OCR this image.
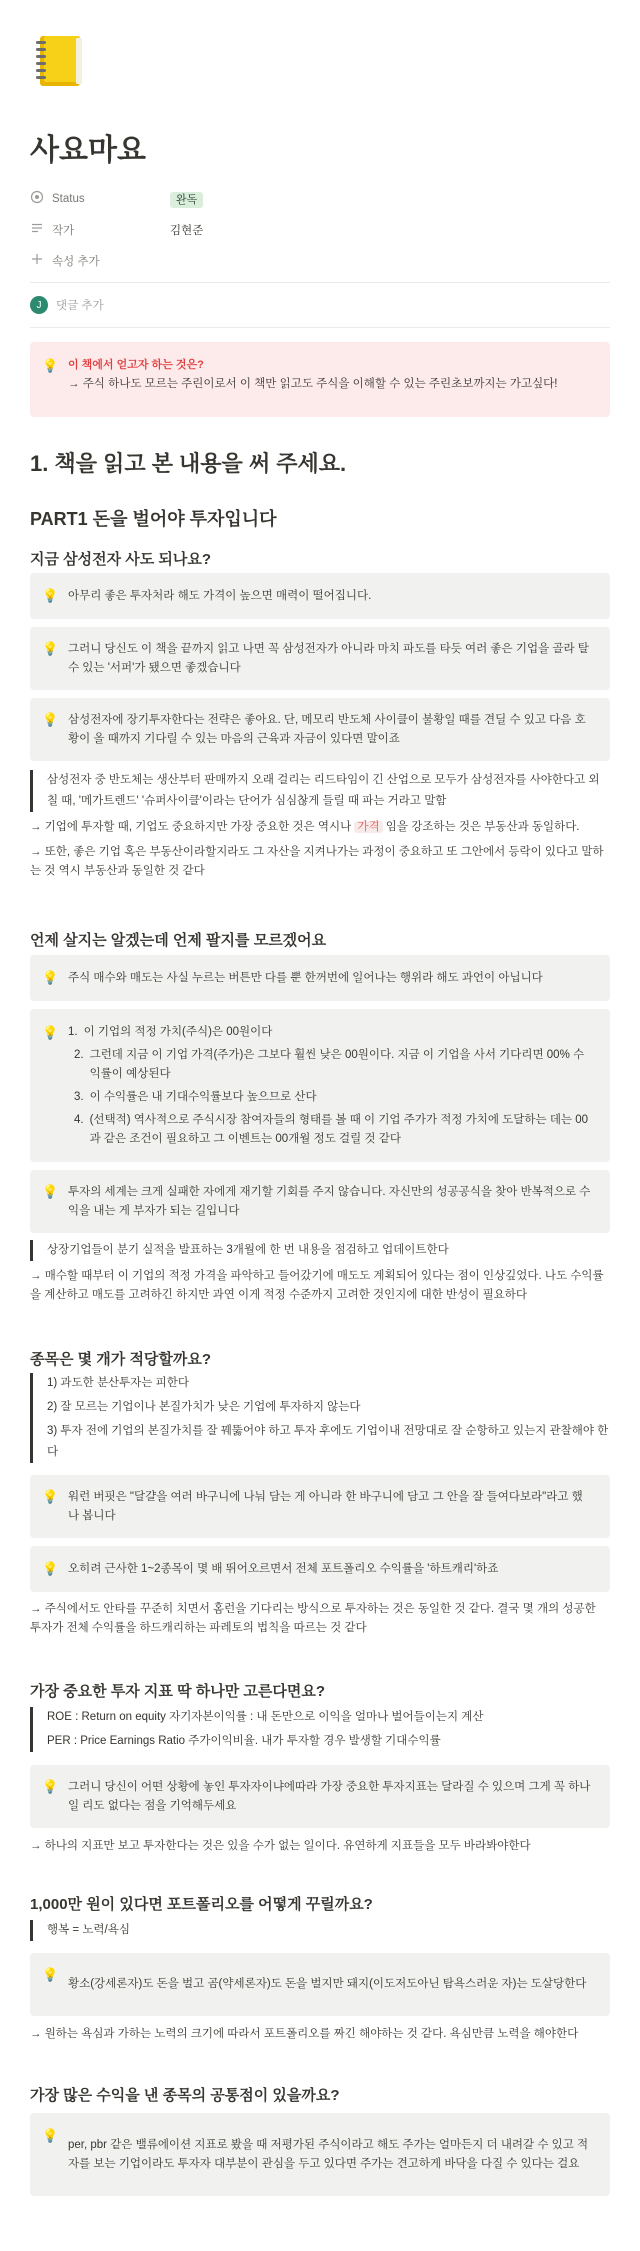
사요마요
Status	완독
작가	김현준
속성 추가
J	댓글 추가
💡 이 책에서 얻고자 하는 것은?
→ 주식 하나도 모르는 주린이로서 이 책만 읽고도 주식을 이해할 수 있는 주린초보까지는 가고싶다!
1. 책을 읽고 본 내용을 써 주세요.
PART1 돈을 벌어야 투자입니다
지금 삼성전자 사도 되나요?
💡 아무리 좋은 투자처라 해도 가격이 높으면 매력이 떨어집니다.
💡 그러니 당신도 이 책을 끝까지 읽고 나면 꼭 삼성전자가 아니라 마치 파도를 타듯 여러 좋은 기업을 골라 탈 수 있는 '서퍼'가 됐으면 좋겠습니다
💡 삼성전자에 장기투자한다는 전략은 좋아요. 단, 메모리 반도체 사이클이 불황일 때를 견딜 수 있고 다음 호황이 올 때까지 기다릴 수 있는 마음의 근육과 자금이 있다면 말이죠
삼성전자 중 반도체는 생산부터 판매까지 오래 걸리는 리드타임이 긴 산업으로 모두가 삼성전자를 사야한다고 외칠 때, '메가트렌드' '슈퍼사이클'이라는 단어가 심심찮게 들릴 때 파는 거라고 말함
→ 기업에 투자할 때, 기업도 중요하지만 가장 중요한 것은 역시나 가격 임을 강조하는 것은 부동산과 동일하다.
→ 또한, 좋은 기업 혹은 부동산이라할지라도 그 자산을 지켜나가는 과정이 중요하고 또 그안에서 등락이 있다고 말하는 것 역시 부동산과 동일한 것 같다
언제 살지는 알겠는데 언제 팔지를 모르겠어요
💡 주식 매수와 매도는 사실 누르는 버튼만 다를 뿐 한꺼번에 일어나는 행위라 해도 과언이 아닙니다
💡 1. 이 기업의 적정 가치(주식)은 00원이다
2. 그런데 지금 이 기업 가격(주가)은 그보다 훨씬 낮은 00원이다. 지금 이 기업을 사서 기다리면 00% 수익률이 예상된다
3. 이 수익률은 내 기대수익률보다 높으므로 산다
4. (선택적) 역사적으로 주식시장 참여자들의 형태를 볼 때 이 기업 주가가 적정 가치에 도달하는 데는 00과 같은 조건이 필요하고 그 이벤트는 00개월 정도 걸릴 것 같다
💡 투자의 세계는 크게 실패한 자에게 재기할 기회를 주지 않습니다. 자신만의 성공공식을 찾아 반복적으로 수익을 내는 게 부자가 되는 길입니다
상장기업들이 분기 실적을 발표하는 3개월에 한 번 내용을 점검하고 업데이트한다
→ 매수할 때부터 이 기업의 적정 가격을 파악하고 들어갔기에 매도도 계획되어 있다는 점이 인상깊었다. 나도 수익률을 계산하고 매도를 고려하긴 하지만 과연 이게 적정 수준까지 고려한 것인지에 대한 반성이 필요하다
종목은 몇 개가 적당할까요?
1) 과도한 분산투자는 피한다
2) 잘 모르는 기업이나 본질가치가 낮은 기업에 투자하지 않는다
3) 투자 전에 기업의 본질가치를 잘 꿰뚫어야 하고 투자 후에도 기업이내 전망대로 잘 순항하고 있는지 관찰해야 한다
💡 워런 버핏은 "달걀을 여러 바구니에 나눠 담는 게 아니라 한 바구니에 담고 그 안을 잘 들여다보라"라고 했나 봅니다
💡 오히려 근사한 1~2종목이 몇 배 뛰어오르면서 전체 포트폴리오 수익률을 '하트캐리'하죠
→ 주식에서도 안타를 꾸준히 치면서 홈런을 기다리는 방식으로 투자하는 것은 동일한 것 같다. 결국 몇 개의 성공한 투자가 전체 수익률을 하드캐리하는 파레토의 법칙을 따르는 것 같다
가장 중요한 투자 지표 딱 하나만 고른다면요?
ROE : Return on equity 자기자본이익률 : 내 돈만으로 이익을 얼마나 벌어들이는지 계산
PER : Price Earnings Ratio 주가이익비율. 내가 투자할 경우 발생할 기대수익률
💡 그러니 당신이 어떤 상황에 놓인 투자자이냐에따라 가장 중요한 투자지표는 달라질 수 있으며 그게 꼭 하나일 리도 없다는 점을 기억해두세요
→ 하나의 지표만 보고 투자한다는 것은 있을 수가 없는 일이다. 유연하게 지표들을 모두 바라봐야한다
1,000만 원이 있다면 포트폴리오를 어떻게 꾸릴까요?
행복 = 노력/욕심
💡
황소(강세론자)도 돈을 벌고 곰(약세론자)도 돈을 벌지만 돼지(이도저도아닌 탐욕스러운 자)는 도살당한다
→ 원하는 욕심과 가하는 노력의 크기에 따라서 포트폴리오를 짜긴 해야하는 것 같다. 욕심만큼 노력을 해야한다
가장 많은 수익을 낸 종목의 공통점이 있을까요?
💡
per, pbr 같은 밸류에이션 지표로 봤을 때 저평가된 주식이라고 해도 주가는 얼마든지 더 내려갈 수 있고 적자를 보는 기업이라도 투자자 대부분이 관심을 두고 있다면 주가는 견고하게 바닥을 다질 수 있다는 걸요
